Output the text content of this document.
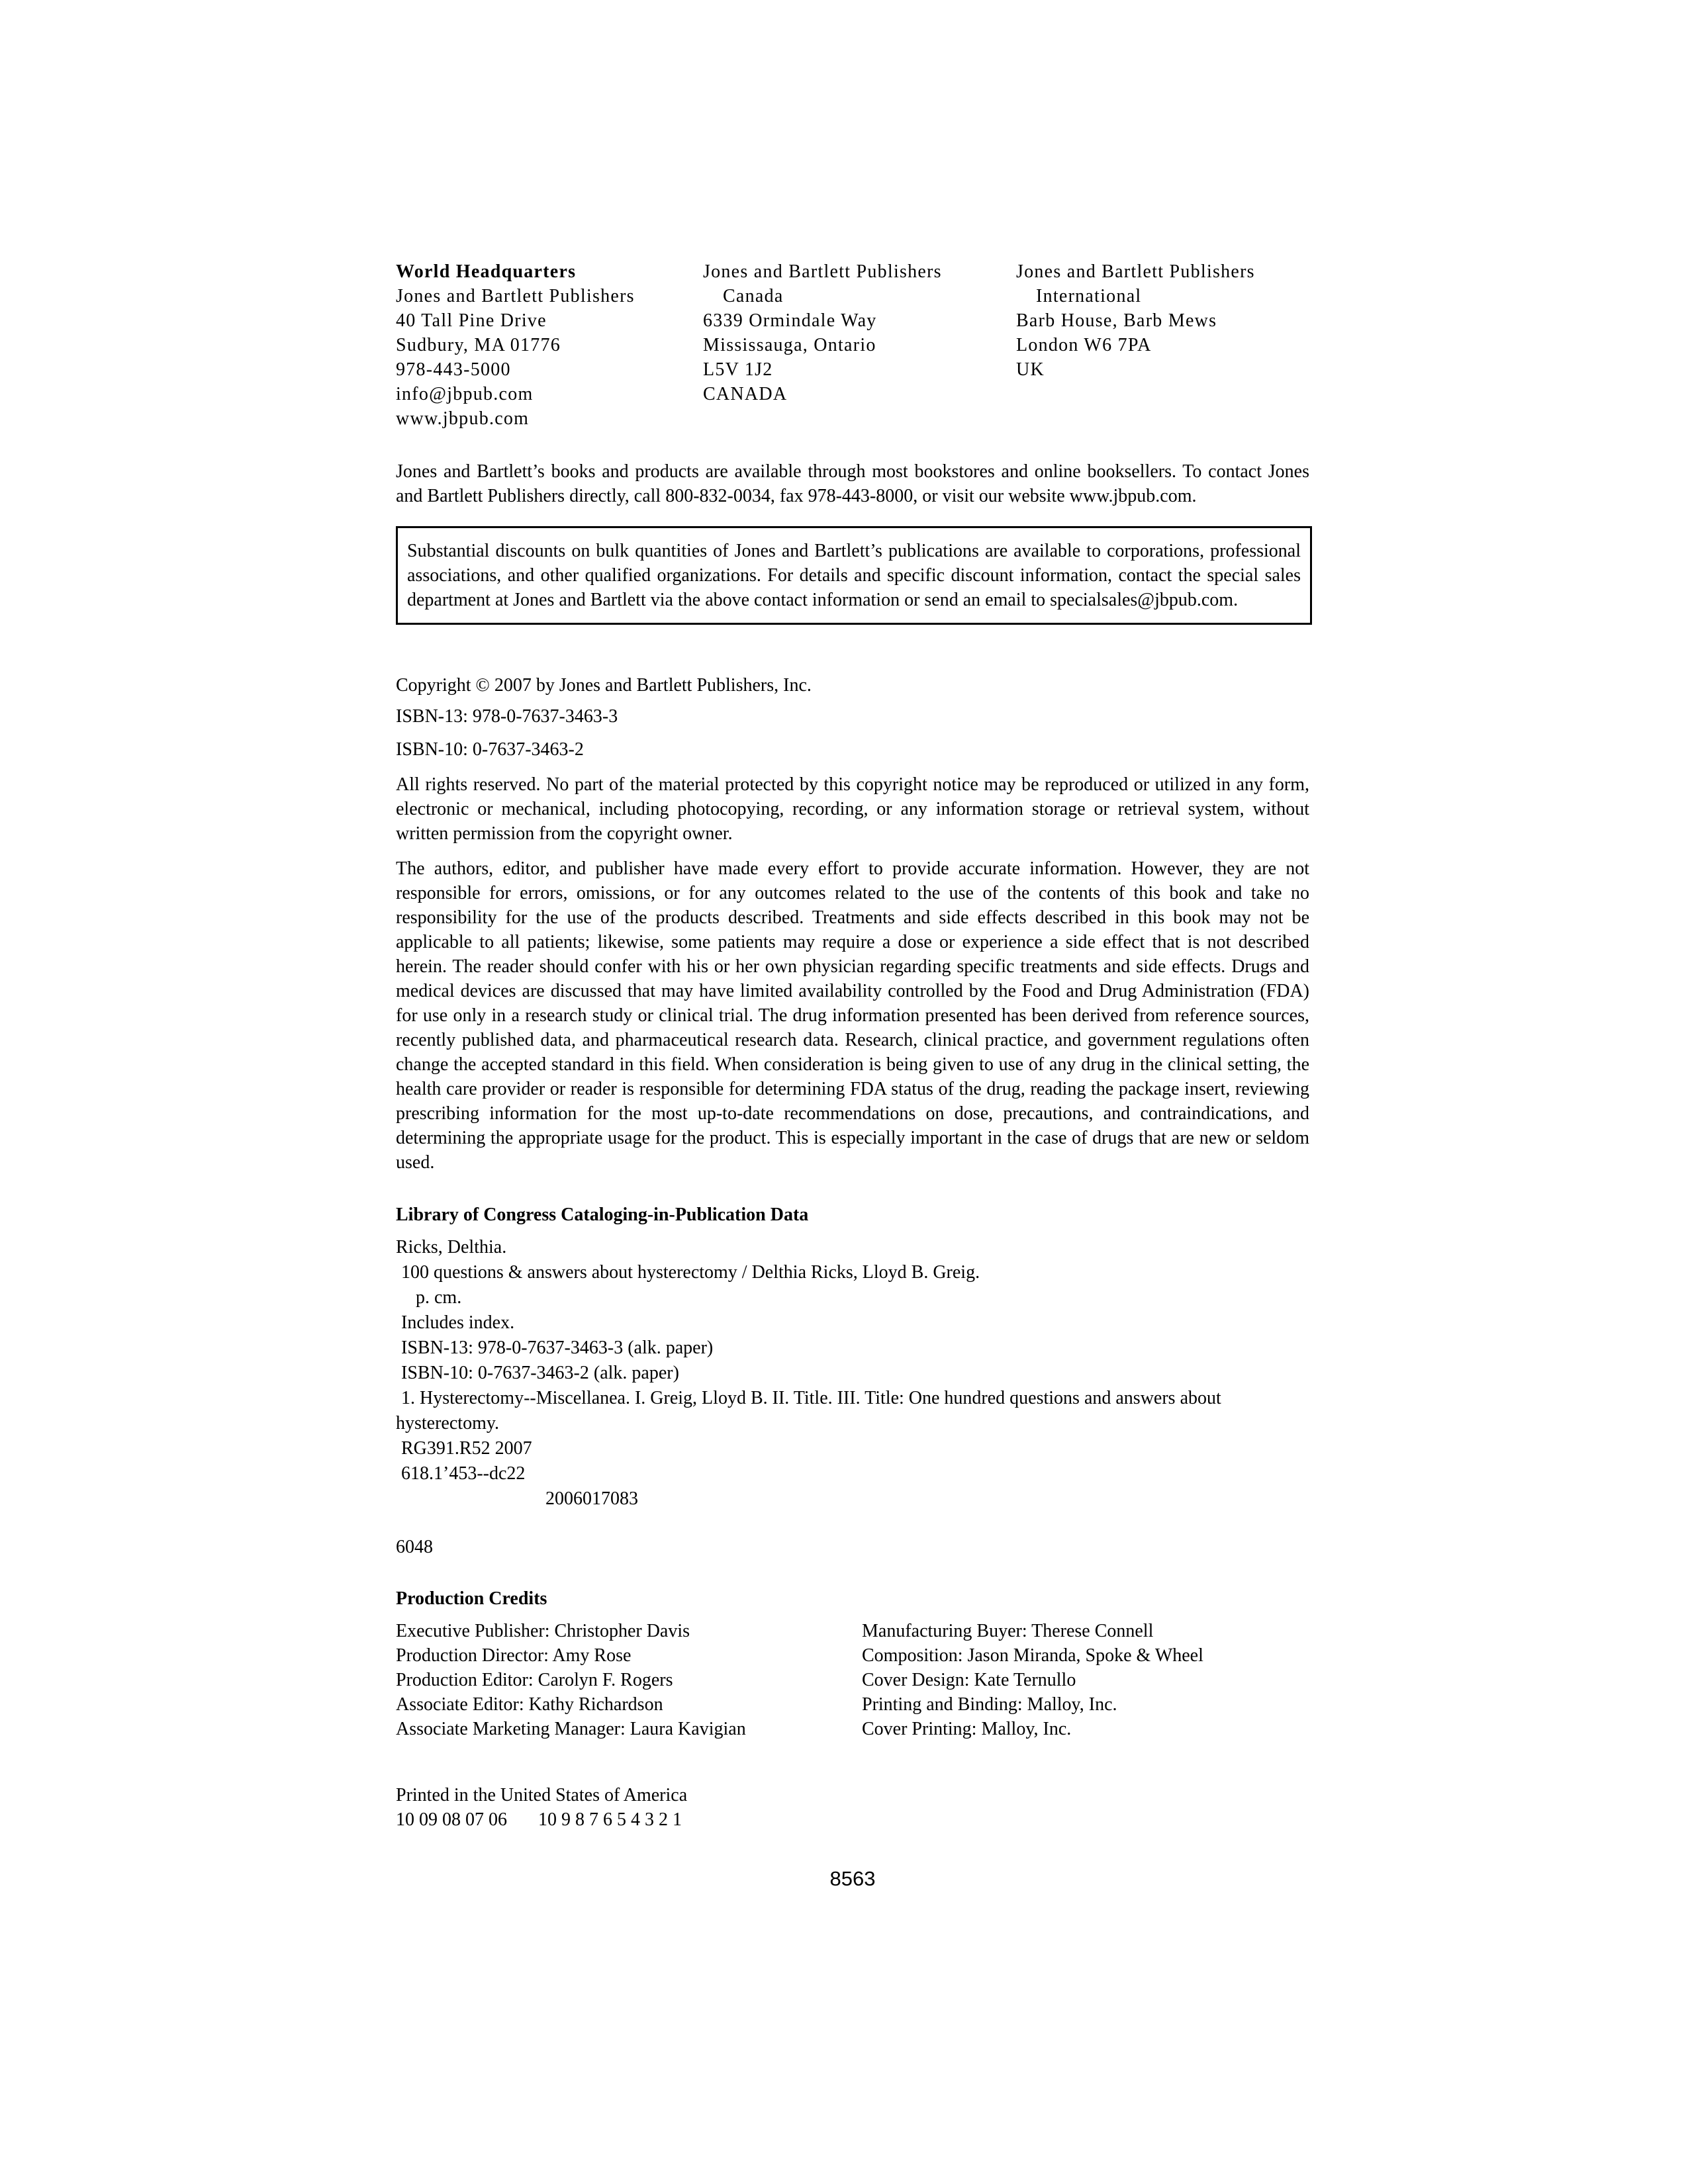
World Headquarters
Jones and Bartlett Publishers
40 Tall Pine Drive
Sudbury, MA 01776
978-443-5000
info@jbpub.com
www.jbpub.com
Jones and Bartlett Publishers
Canada
6339 Ormindale Way
Mississauga, Ontario
L5V 1J2
CANADA
Jones and Bartlett Publishers
International
Barb House, Barb Mews
London W6 7PA
UK

Jones and Bartlett’s books and products are available through most bookstores and online booksellers. To contact Jones and Bartlett Publishers directly, call 800-832-0034, fax 978-443-8000, or visit our website www.jbpub.com.

Substantial discounts on bulk quantities of Jones and Bartlett’s publications are available to corporations, professional associations, and other qualified organizations. For details and specific discount information, contact the special sales department at Jones and Bartlett via the above contact information or send an email to specialsales@jbpub.com.

Copyright © 2007 by Jones and Bartlett Publishers, Inc.

ISBN-13: 978-0-7637-3463-3

ISBN-10: 0-7637-3463-2

All rights reserved. No part of the material protected by this copyright notice may be reproduced or utilized in any form, electronic or mechanical, including photocopying, recording, or any information storage or retrieval system, without written permission from the copyright owner.

The authors, editor, and publisher have made every effort to provide accurate information. However, they are not responsible for errors, omissions, or for any outcomes related to the use of the contents of this book and take no responsibility for the use of the products described. Treatments and side effects described in this book may not be applicable to all patients; likewise, some patients may require a dose or experience a side effect that is not described herein. The reader should confer with his or her own physician regarding specific treatments and side effects. Drugs and medical devices are discussed that may have limited availability controlled by the Food and Drug Administration (FDA) for use only in a research study or clinical trial. The drug information presented has been derived from reference sources, recently published data, and pharmaceutical research data. Research, clinical practice, and government regulations often change the accepted standard in this field. When consideration is being given to use of any drug in the clinical setting, the health care provider or reader is responsible for determining FDA status of the drug, reading the package insert, reviewing prescribing information for the most up-to-date recommendations on dose, precautions, and contraindications, and determining the appropriate usage for the product. This is especially important in the case of drugs that are new or seldom used.

Library of Congress Cataloging-in-Publication Data
Ricks, Delthia.
100 questions & answers about hysterectomy / Delthia Ricks, Lloyd B. Greig.
p. cm.
Includes index.
ISBN-13: 978-0-7637-3463-3 (alk. paper)
ISBN-10: 0-7637-3463-2 (alk. paper)
1. Hysterectomy--Miscellanea. I. Greig, Lloyd B. II. Title. III. Title: One hundred questions and answers about hysterectomy.
RG391.R52 2007
618.1’453--dc22
2006017083
6048
Production Credits
Executive Publisher: Christopher Davis
Production Director: Amy Rose
Production Editor: Carolyn F. Rogers
Associate Editor: Kathy Richardson
Associate Marketing Manager: Laura Kavigian
Manufacturing Buyer: Therese Connell
Composition: Jason Miranda, Spoke & Wheel
Cover Design: Kate Ternullo
Printing and Binding: Malloy, Inc.
Cover Printing: Malloy, Inc.
Printed in the United States of America
10 09 08 07 06 10 9 8 7 6 5 4 3 2 1
8563
